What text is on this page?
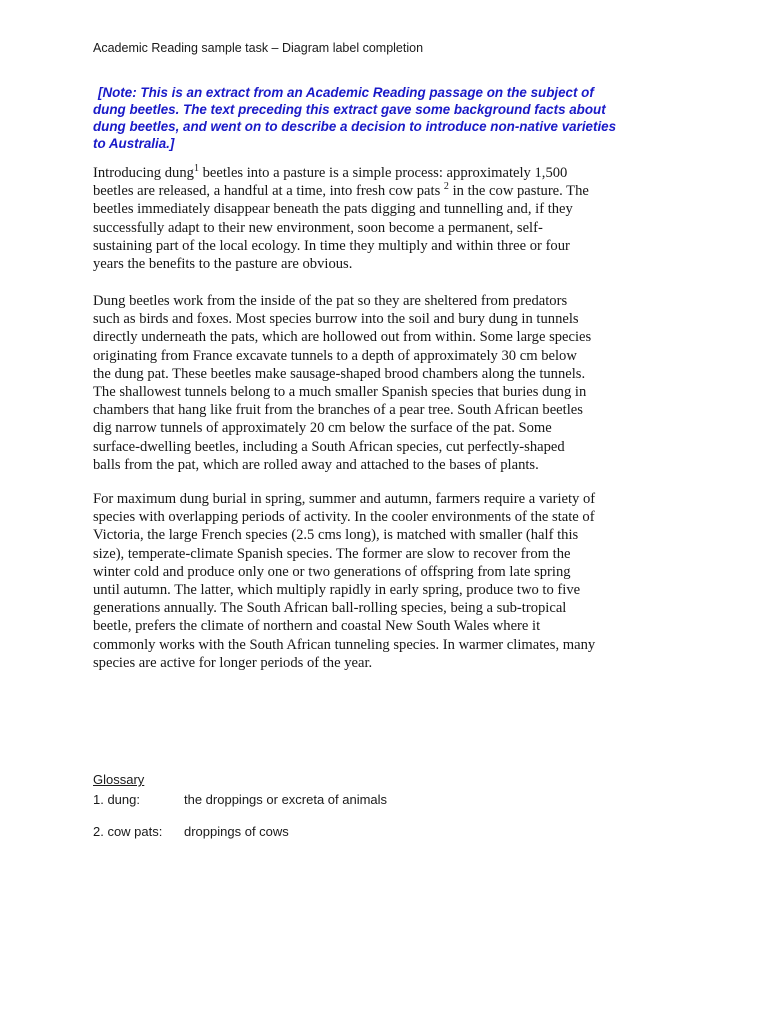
Academic Reading sample task – Diagram label completion
[Note: This is an extract from an Academic Reading passage on the subject of
dung beetles. The text preceding this extract gave some background facts about
dung beetles, and went on to describe a decision to introduce non-native varieties
to Australia.]
Introducing dung$^1$ beetles into a pasture is a simple process: approximately 1,500
beetles are released, a handful at a time, into fresh cow pats $^2$ in the cow pasture. The
beetles immediately disappear beneath the pats digging and tunnelling and, if they
successfully adapt to their new environment, soon become a permanent, self-
sustaining part of the local ecology. In time they multiply and within three or four
years the benefits to the pasture are obvious.
Dung beetles work from the inside of the pat so they are sheltered from predators
such as birds and foxes. Most species burrow into the soil and bury dung in tunnels
directly underneath the pats, which are hollowed out from within. Some large species
originating from France excavate tunnels to a depth of approximately 30 cm below
the dung pat. These beetles make sausage-shaped brood chambers along the tunnels.
The shallowest tunnels belong to a much smaller Spanish species that buries dung in
chambers that hang like fruit from the branches of a pear tree. South African beetles
dig narrow tunnels of approximately 20 cm below the surface of the pat. Some
surface-dwelling beetles, including a South African species, cut perfectly-shaped
balls from the pat, which are rolled away and attached to the bases of plants.
For maximum dung burial in spring, summer and autumn, farmers require a variety of
species with overlapping periods of activity. In the cooler environments of the state of
Victoria, the large French species (2.5 cms long), is matched with smaller (half this
size), temperate-climate Spanish species. The former are slow to recover from the
winter cold and produce only one or two generations of offspring from late spring
until autumn. The latter, which multiply rapidly in early spring, produce two to five
generations annually. The South African ball-rolling species, being a sub-tropical
beetle, prefers the climate of northern and coastal New South Wales where it
commonly works with the South African tunneling species. In warmer climates, many
species are active for longer periods of the year.
Glossary
1. dung:	the droppings or excreta of animals
2. cow pats: droppings of cows
